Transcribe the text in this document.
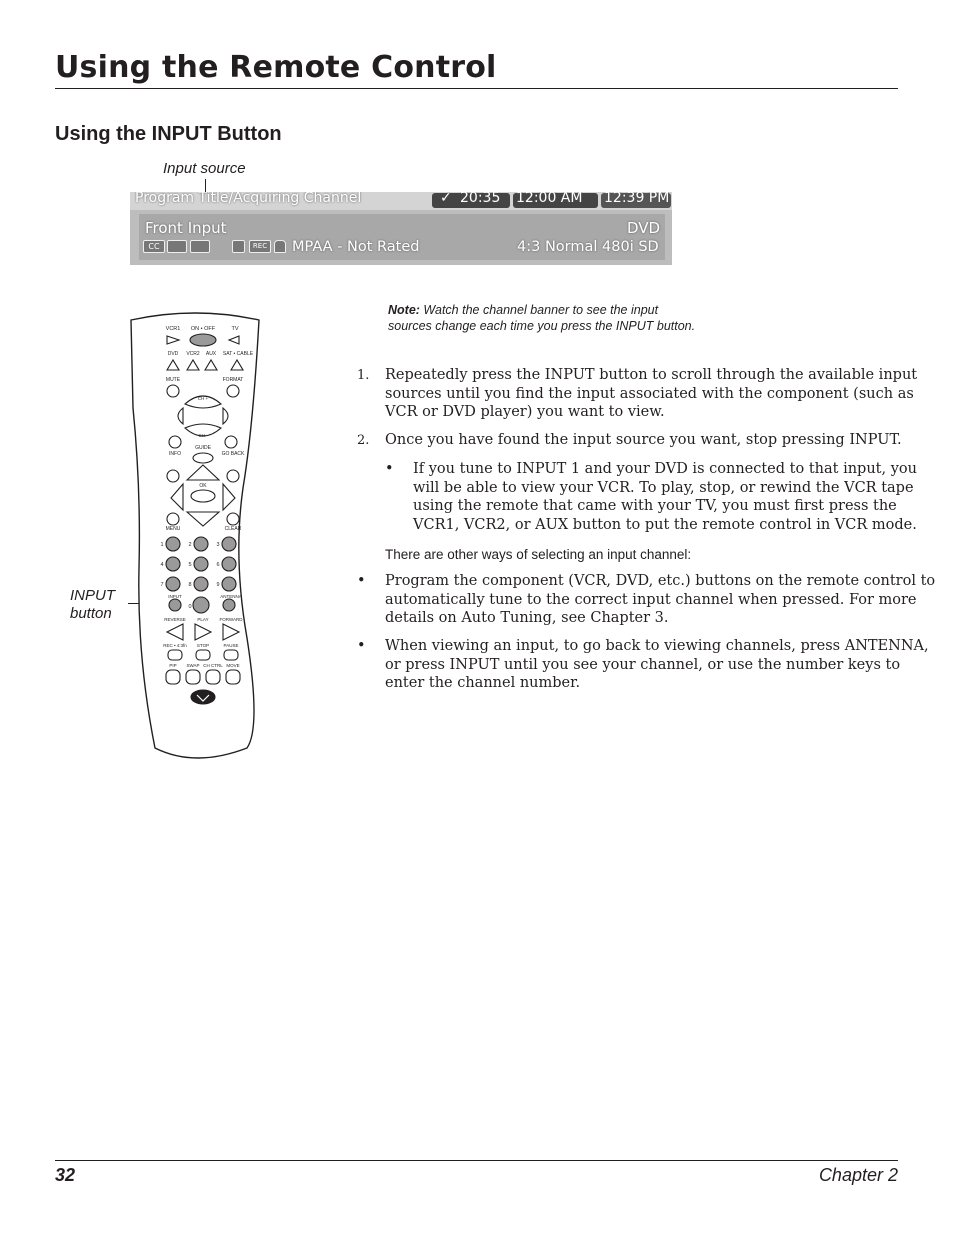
Using the Remote Control
Using the INPUT Button
Input source
Program Title/Acquiring Channel	✓ 20:35 12:00 AM 12:39 PM
Front Input	DVD
MPAA - Not Rated	4:3 Normal 480i SD
CC	REC
INPUT
button
VCR1 ON • OFF	TV
DVD VCR2 AUX SAT • CABLE
MUTE	FORMAT
CH +
CH -
INFO
GUIDE
GO BACK
OK
MENU	CLEAR
1	2	3
4	5	6
7	8	9
0
INPUT	ANTENNA
REVERSE	PLAY FORWARD
REC • 4:3fn STOP	PAUSE
PIP SWAP CH CTRL MOVE
Note: Watch the channel banner to see the input
sources change each time you press the INPUT button.
1. Repeatedly press the INPUT button to scroll through the available input
sources until you find the input associated with the component (such as
VCR or DVD player) you want to view.
2. Once you have found the input source you want, stop pressing INPUT.
• If you tune to INPUT 1 and your DVD is connected to that input, you
will be able to view your VCR. To play, stop, or rewind the VCR tape
using the remote that came with your TV, you must first press the
VCR1, VCR2, or AUX button to put the remote control in VCR mode.
There are other ways of selecting an input channel:
• Program the component (VCR, DVD, etc.) buttons on the remote control to
automatically tune to the correct input channel when pressed. For more
details on Auto Tuning, see Chapter 3.
• When viewing an input, to go back to viewing channels, press ANTENNA,
or press INPUT until you see your channel, or use the number keys to
enter the channel number.
32	Chapter 2
